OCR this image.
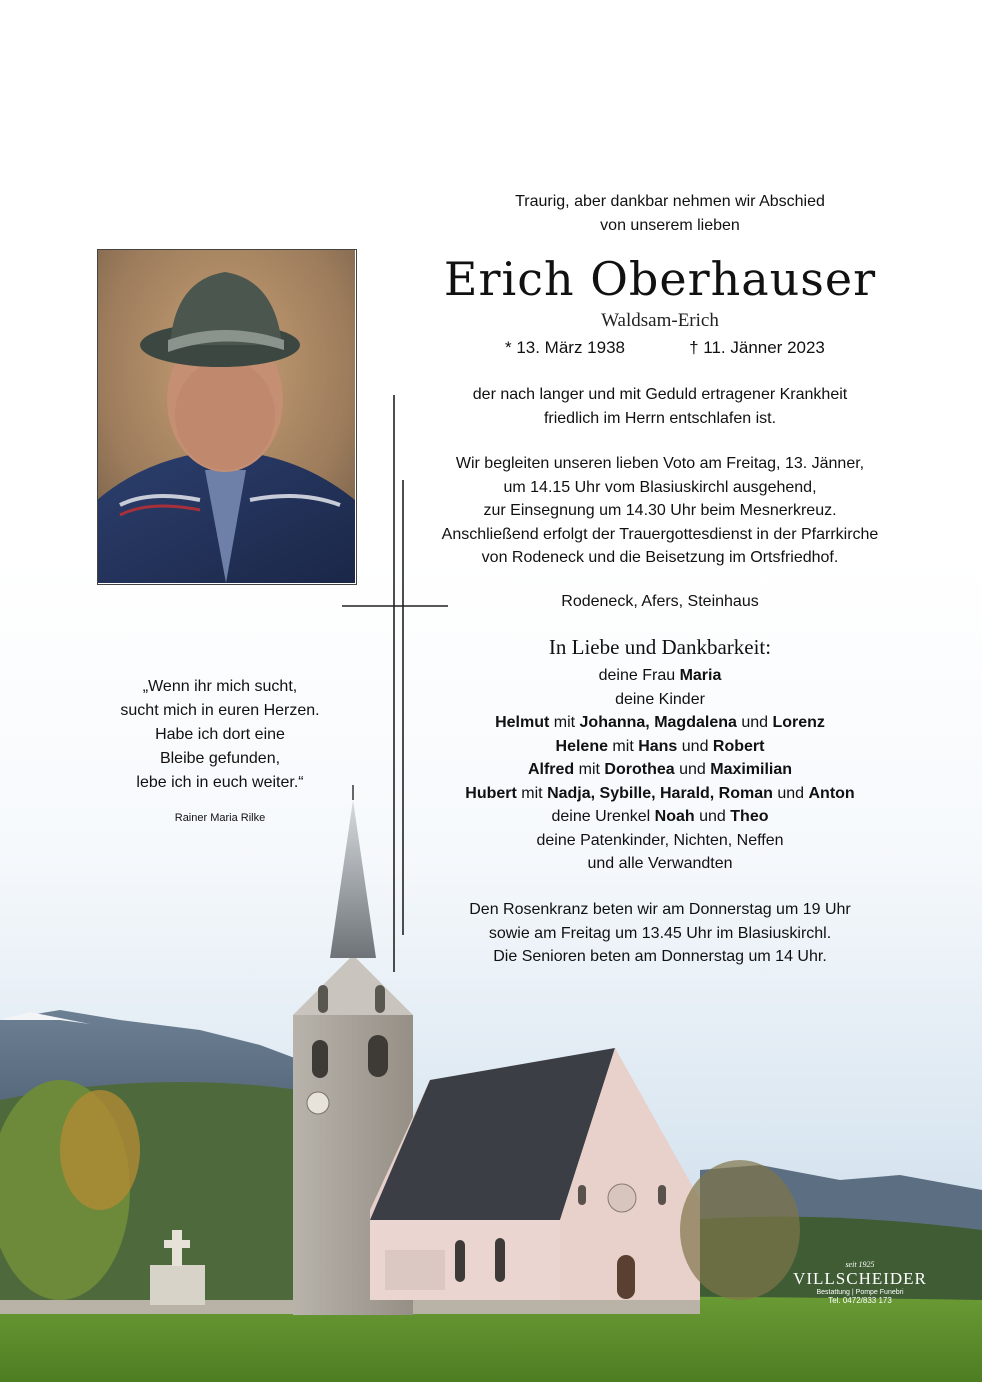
Traurig, aber dankbar nehmen wir Abschied
von unserem lieben
Erich Oberhauser
Waldsam-Erich
* 13. März 1938	† 11. Jänner 2023
der nach langer und mit Geduld ertragener Krankheit
friedlich im Herrn entschlafen ist.
Wir begleiten unseren lieben Voto am Freitag, 13. Jänner,
um 14.15 Uhr vom Blasiuskirchl ausgehend,
zur Einsegnung um 14.30 Uhr beim Mesnerkreuz.
Anschließend erfolgt der Trauergottesdienst in der Pfarrkirche
von Rodeneck und die Beisetzung im Ortsfriedhof.
Rodeneck, Afers, Steinhaus
In Liebe und Dankbarkeit:
deine Frau Maria
deine Kinder
Helmut mit Johanna, Magdalena und Lorenz
Helene mit Hans und Robert
Alfred mit Dorothea und Maximilian
Hubert mit Nadja, Sybille, Harald, Roman und Anton
deine Urenkel Noah und Theo
deine Patenkinder, Nichten, Neffen
und alle Verwandten
Den Rosenkranz beten wir am Donnerstag um 19 Uhr
sowie am Freitag um 13.45 Uhr im Blasiuskirchl.
Die Senioren beten am Donnerstag um 14 Uhr.
„Wenn ihr mich sucht,
sucht mich in euren Herzen.
Habe ich dort eine
Bleibe gefunden,
lebe ich in euch weiter.“
Rainer Maria Rilke
seit 1925
VILLSCHEIDER
Bestattung | Pompe Funebri
Tel. 0472/833 173
